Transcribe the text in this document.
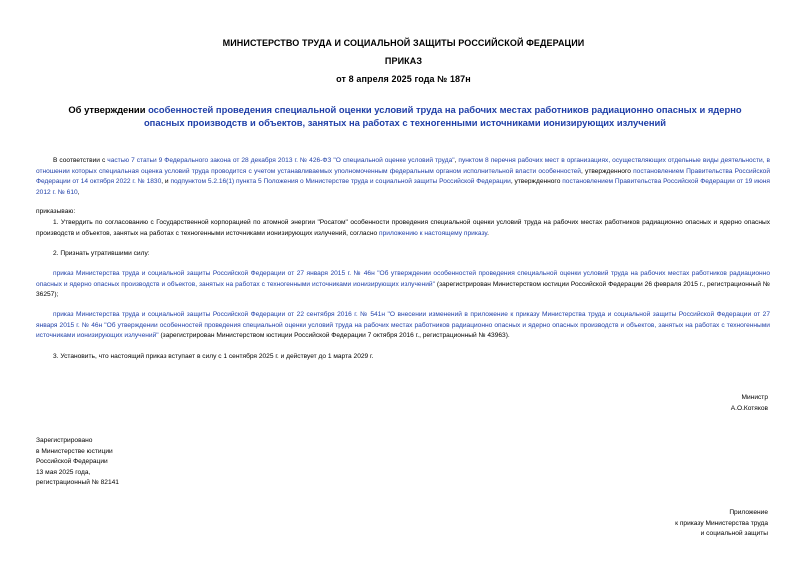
МИНИСТЕРСТВО ТРУДА И СОЦИАЛЬНОЙ ЗАЩИТЫ РОССИЙСКОЙ ФЕДЕРАЦИИ
ПРИКАЗ
от 8 апреля 2025 года № 187н
Об утверждении особенностей проведения специальной оценки условий труда на рабочих местах работников радиационно опасных и ядерно опасных производств и объектов, занятых на работах с техногенными источниками ионизирующих излучений
В соответствии с частью 7 статьи 9 Федерального закона от 28 декабря 2013 г. № 426-ФЗ "О специальной оценке условий труда", пунктом 8 перечня рабочих мест в организациях, осуществляющих отдельные виды деятельности, в отношении которых специальная оценка условий труда проводится с учетом устанавливаемых уполномоченным федеральным органом исполнительной власти особенностей, утвержденного постановлением Правительства Российской Федерации от 14 октября 2022 г. № 1830, и подпунктом 5.2.16(1) пункта 5 Положения о Министерстве труда и социальной защиты Российской Федерации, утвержденного постановлением Правительства Российской Федерации от 19 июня 2012 г. № 610,
приказываю:
1. Утвердить по согласованию с Государственной корпорацией по атомной энергии "Росатом" особенности проведения специальной оценки условий труда на рабочих местах работников радиационно опасных и ядерно опасных производств и объектов, занятых на работах с техногенными источниками ионизирующих излучений, согласно приложению к настоящему приказу.
2. Признать утратившими силу:
приказ Министерства труда и социальной защиты Российской Федерации от 27 января 2015 г. № 46н "Об утверждении особенностей проведения специальной оценки условий труда на рабочих местах работников радиационно опасных и ядерно опасных производств и объектов, занятых на работах с техногенными источниками ионизирующих излучений" (зарегистрирован Министерством юстиции Российской Федерации 26 февраля 2015 г., регистрационный № 36257);
приказ Министерства труда и социальной защиты Российской Федерации от 22 сентября 2016 г. № 541н "О внесении изменений в приложение к приказу Министерства труда и социальной защиты Российской Федерации от 27 января 2015 г. № 46н "Об утверждении особенностей проведения специальной оценки условий труда на рабочих местах работников радиационно опасных и ядерно опасных производств и объектов, занятых на работах с техногенными источниками ионизирующих излучений" (зарегистрирован Министерством юстиции Российской Федерации 7 октября 2016 г., регистрационный № 43963).
3. Установить, что настоящий приказ вступает в силу с 1 сентября 2025 г. и действует до 1 марта 2029 г.
Министр
А.О.Котяков
Зарегистрировано
в Министерстве юстиции
Российской Федерации
13 мая 2025 года,
регистрационный № 82141
Приложение
к приказу Министерства труда
и социальной защиты
